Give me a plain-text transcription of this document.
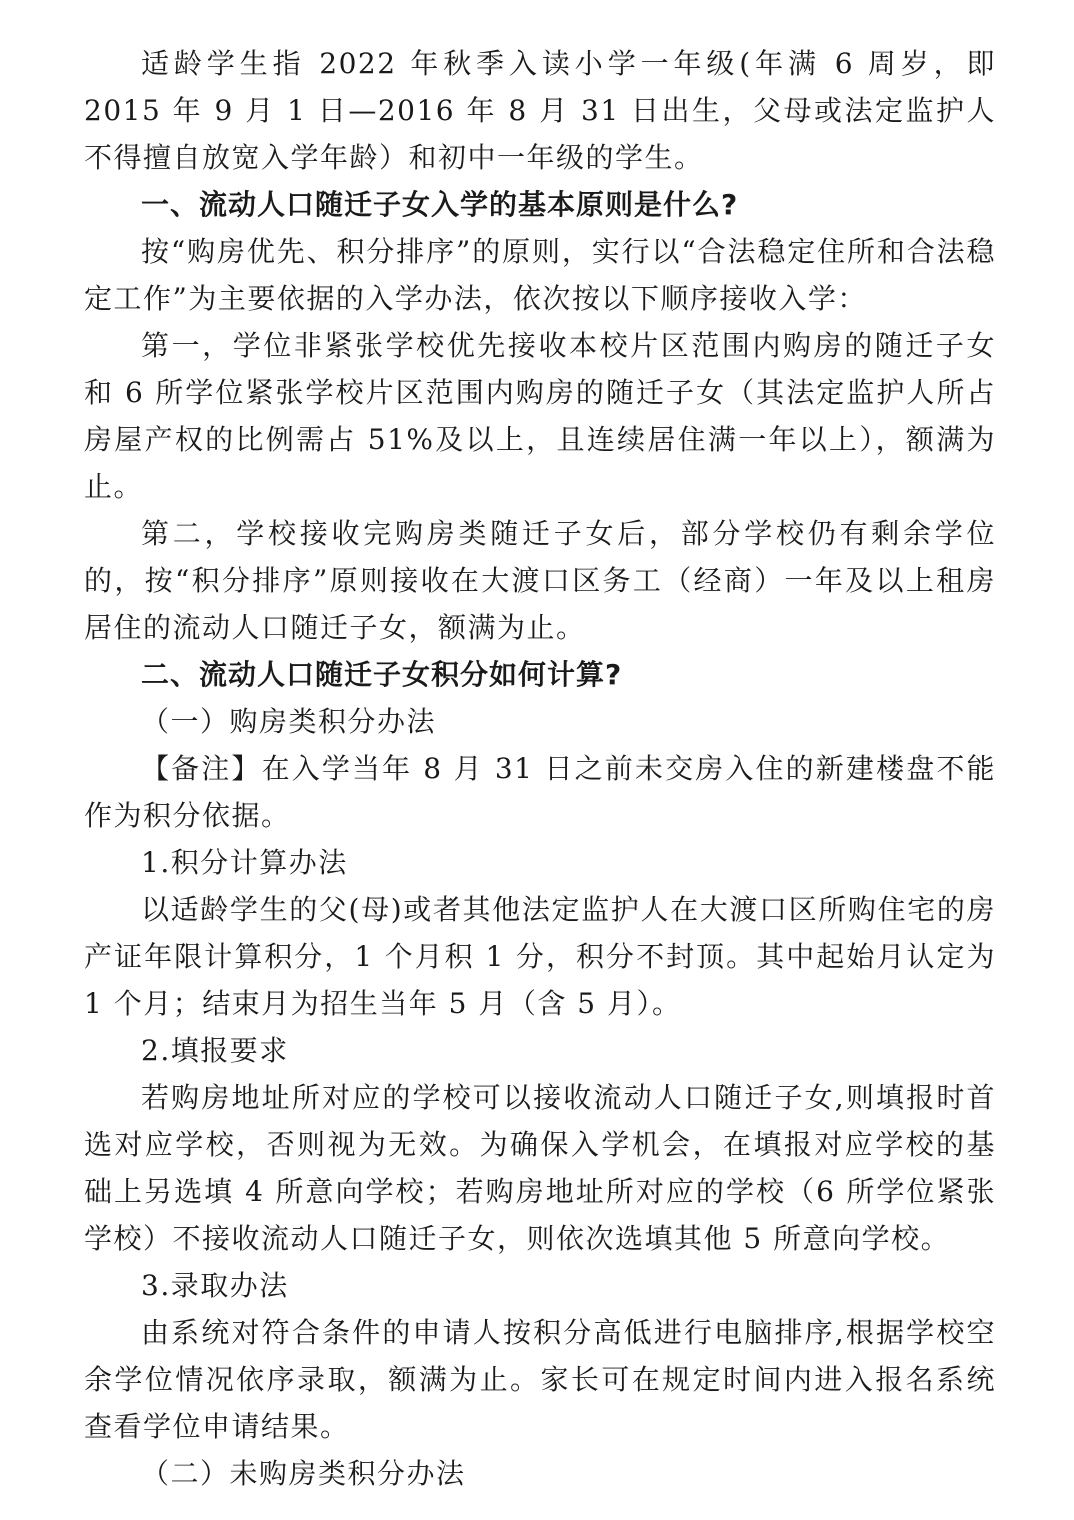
适龄学生指 2022 年秋季入读小学一年级(年满 6 周岁，即 2015 年 9 月 1 日—2016 年 8 月 31 日出生，父母或法定监护人不得擅自放宽入学年龄）和初中一年级的学生。

一、流动人口随迁子女入学的基本原则是什么?

按“购房优先、积分排序”的原则，实行以“合法稳定住所和合法稳定工作”为主要依据的入学办法，依次按以下顺序接收入学：

第一，学位非紧张学校优先接收本校片区范围内购房的随迁子女和 6 所学位紧张学校片区范围内购房的随迁子女（其法定监护人所占房屋产权的比例需占 51%及以上，且连续居住满一年以上），额满为止。

第二，学校接收完购房类随迁子女后，部分学校仍有剩余学位的，按“积分排序”原则接收在大渡口区务工（经商）一年及以上租房居住的流动人口随迁子女，额满为止。

二、流动人口随迁子女积分如何计算?

（一）购房类积分办法

【备注】在入学当年 8 月 31 日之前未交房入住的新建楼盘不能作为积分依据。

1.积分计算办法

以适龄学生的父(母)或者其他法定监护人在大渡口区所购住宅的房产证年限计算积分，1 个月积 1 分，积分不封顶。其中起始月认定为 1 个月；结束月为招生当年 5 月（含 5 月）。

2.填报要求

若购房地址所对应的学校可以接收流动人口随迁子女,则填报时首选对应学校，否则视为无效。为确保入学机会，在填报对应学校的基础上另选填 4 所意向学校；若购房地址所对应的学校（6 所学位紧张学校）不接收流动人口随迁子女，则依次选填其他 5 所意向学校。

3.录取办法

由系统对符合条件的申请人按积分高低进行电脑排序,根据学校空余学位情况依序录取，额满为止。家长可在规定时间内进入报名系统查看学位申请结果。

（二）未购房类积分办法
